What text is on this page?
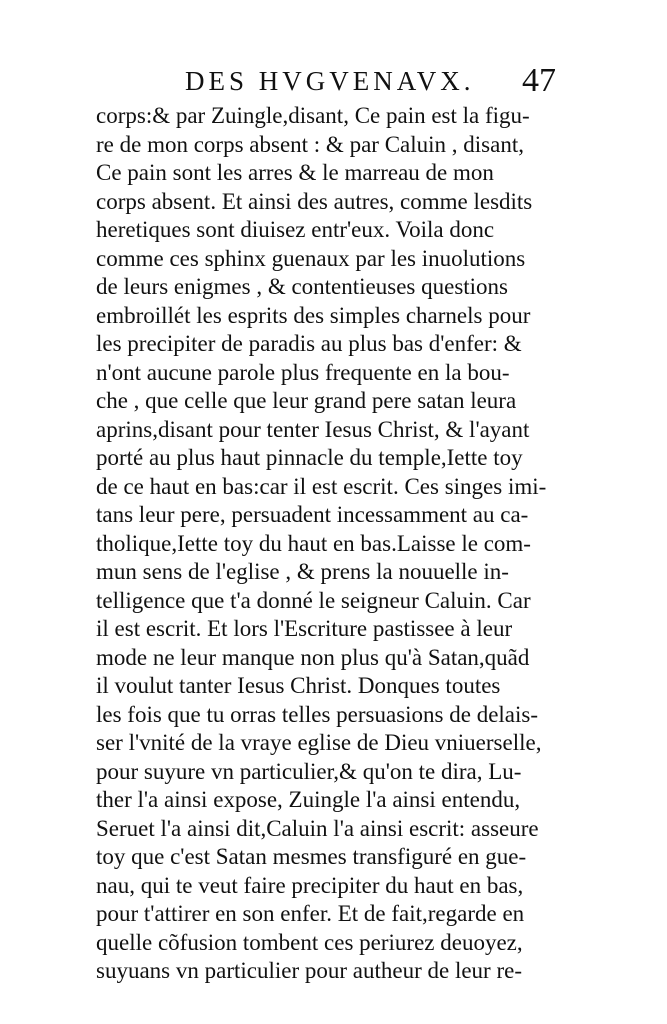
DES HVGVENAVX. 47
corps:& par Zuingle,disant, Ce pain est la figu-
re de mon corps absent : & par Caluin , disant,
Ce pain sont les arres & le marreau de mon
corps absent. Et ainsi des autres, comme lesdits
heretiques sont diuisez entr'eux. Voila donc
comme ces sphinx guenaux par les inuolutions
de leurs enigmes , & contentieuses questions
embroillét les esprits des simples charnels pour
les precipiter de paradis au plus bas d'enfer: &
n'ont aucune parole plus frequente en la bou-
che , que celle que leur grand pere satan leura
aprins,disant pour tenter Iesus Christ, & l'ayant
porté au plus haut pinnacle du temple,Iette toy
de ce haut en bas:car il est escrit. Ces singes imi-
tans leur pere, persuadent incessamment au ca-
tholique,Iette toy du haut en bas.Laisse le com-
mun sens de l'eglise , & prens la nouuelle in-
telligence que t'a donné le seigneur Caluin. Car
il est escrit. Et lors l'Escriture pastissee à leur
mode ne leur manque non plus qu'à Satan,quãd
il voulut tanter Iesus Christ. Donques toutes
les fois que tu orras telles persuasions de delais-
ser l'vnité de la vraye eglise de Dieu vniuerselle,
pour suyure vn particulier,& qu'on te dira, Lu-
ther l'a ainsi expose, Zuingle l'a ainsi entendu,
Seruet l'a ainsi dit,Caluin l'a ainsi escrit: asseure
toy que c'est Satan mesmes transfiguré en gue-
nau, qui te veut faire precipiter du haut en bas,
pour t'attirer en son enfer. Et de fait,regarde en
quelle cõfusion tombent ces periurez deuoyez,
suyuans vn particulier pour autheur de leur re-
